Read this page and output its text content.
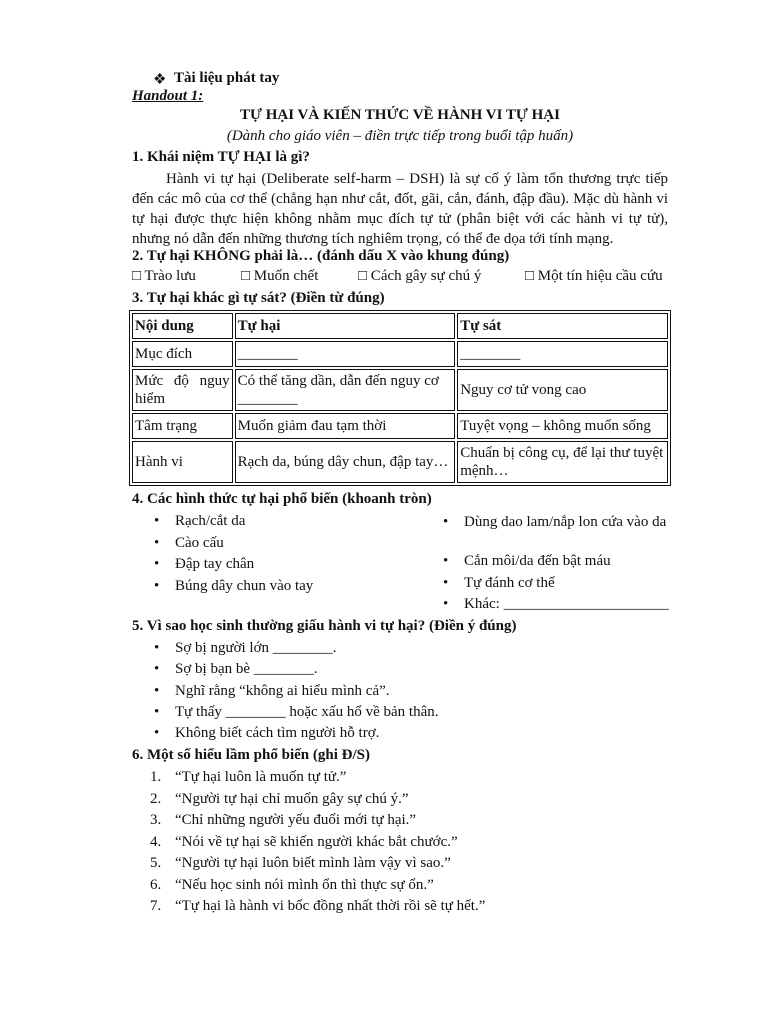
❖ Tài liệu phát tay
Handout 1:
TỰ HẠI VÀ KIẾN THỨC VỀ HÀNH VI TỰ HẠI
(Dành cho giáo viên – điền trực tiếp trong buổi tập huấn)
1. Khái niệm TỰ HẠI là gì?
Hành vi tự hại (Deliberate self-harm – DSH) là sự cố ý làm tổn thương trực tiếp đến các mô của cơ thể (chẳng hạn như cắt, đốt, gãi, cắn, đánh, đập đầu). Mặc dù hành vi tự hại được thực hiện không nhằm mục đích tự tử (phân biệt với các hành vi tự tử), nhưng nó dẫn đến những thương tích nghiêm trọng, có thể đe dọa tới tính mạng.
2. Tự hại KHÔNG phải là… (đánh dấu X vào khung đúng)
□ Trào lưu	□ Muốn chết	□ Cách gây sự chú ý	□ Một tín hiệu cầu cứu
3. Tự hại khác gì tự sát? (Điền từ đúng)
Nội dung	Tự hại	Tự sát
Mục đích	________	________
Mức độ nguy hiểm	Có thể tăng dần, dẫn đến nguy cơ ________	Nguy cơ tử vong cao
Tâm trạng	Muốn giảm đau tạm thời	Tuyệt vọng – không muốn sống
Hành vi	Rạch da, búng dây chun, đập tay…	Chuẩn bị công cụ, để lại thư tuyệt mệnh…
4. Các hình thức tự hại phổ biến (khoanh tròn)
• Rạch/cắt da
• Cào cấu
• Đập tay chân
• Búng dây chun vào tay
• Dùng dao lam/nắp lon cứa vào da
• Cắn môi/da đến bật máu
• Tự đánh cơ thể
• Khác: ______________________
5. Vì sao học sinh thường giấu hành vi tự hại? (Điền ý đúng)
• Sợ bị người lớn ________.
• Sợ bị bạn bè ________.
• Nghĩ rằng “không ai hiểu mình cả”.
• Tự thấy ________ hoặc xấu hổ về bản thân.
• Không biết cách tìm người hỗ trợ.
6. Một số hiểu lầm phổ biến (ghi Đ/S)
1. “Tự hại luôn là muốn tự tử.”
2. “Người tự hại chỉ muốn gây sự chú ý.”
3. “Chỉ những người yếu đuối mới tự hại.”
4. “Nói về tự hại sẽ khiến người khác bắt chước.”
5. “Người tự hại luôn biết mình làm vậy vì sao.”
6. “Nếu học sinh nói mình ổn thì thực sự ổn.”
7. “Tự hại là hành vi bốc đồng nhất thời rồi sẽ tự hết.”
